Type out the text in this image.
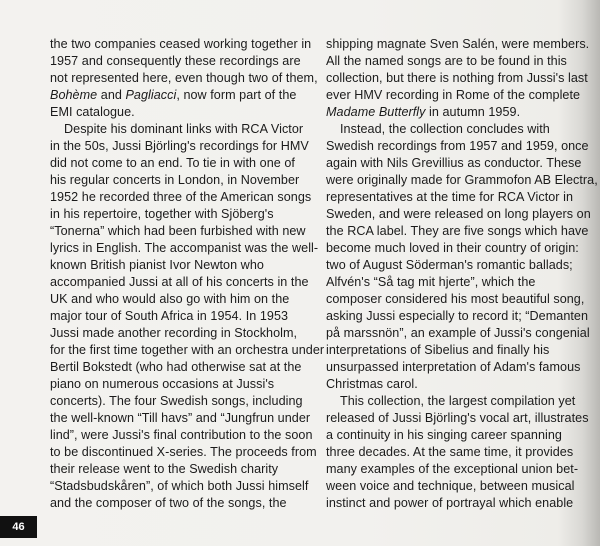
the two companies ceased working together in

1957 and consequently these recordings are

not represented here, even though two of them,

Bohème and Pagliacci, now form part of the

EMI catalogue.

Despite his dominant links with RCA Victor

in the 50s, Jussi Björling's recordings for HMV

did not come to an end. To tie in with one of

his regular concerts in London, in November

1952 he recorded three of the American songs

in his repertoire, together with Sjöberg's

“Tonerna” which had been furbished with new

lyrics in English. The accompanist was the well-

known British pianist Ivor Newton who

accompanied Jussi at all of his concerts in the

UK and who would also go with him on the

major tour of South Africa in 1954. In 1953

Jussi made another recording in Stockholm,

for the first time together with an orchestra under

Bertil Bokstedt (who had otherwise sat at the

piano on numerous occasions at Jussi's

concerts). The four Swedish songs, including

the well-known “Till havs” and “Jungfrun under

lind”, were Jussi's final contribution to the soon

to be discontinued X-series. The proceeds from

their release went to the Swedish charity

“Stadsbudskåren”, of which both Jussi himself

and the composer of two of the songs, the

shipping magnate Sven Salén, were members.

All the named songs are to be found in this

collection, but there is nothing from Jussi's last

ever HMV recording in Rome of the complete

Madame Butterfly in autumn 1959.

Instead, the collection concludes with

Swedish recordings from 1957 and 1959, once

again with Nils Grevillius as conductor. These

were originally made for Grammofon AB Electra,

representatives at the time for RCA Victor in

Sweden, and were released on long players on

the RCA label. They are five songs which have

become much loved in their country of origin:

two of August Söderman's romantic ballads;

Alfvén's “Så tag mit hjerte”, which the

composer considered his most beautiful song,

asking Jussi especially to record it; “Demanten

på marssnön”, an example of Jussi's congenial

interpretations of Sibelius and finally his

unsurpassed interpretation of Adam's famous

Christmas carol.

This collection, the largest compilation yet

released of Jussi Björling's vocal art, illustrates

a continuity in his singing career spanning

three decades. At the same time, it provides

many examples of the exceptional union bet-

ween voice and technique, between musical

instinct and power of portrayal which enable

46
